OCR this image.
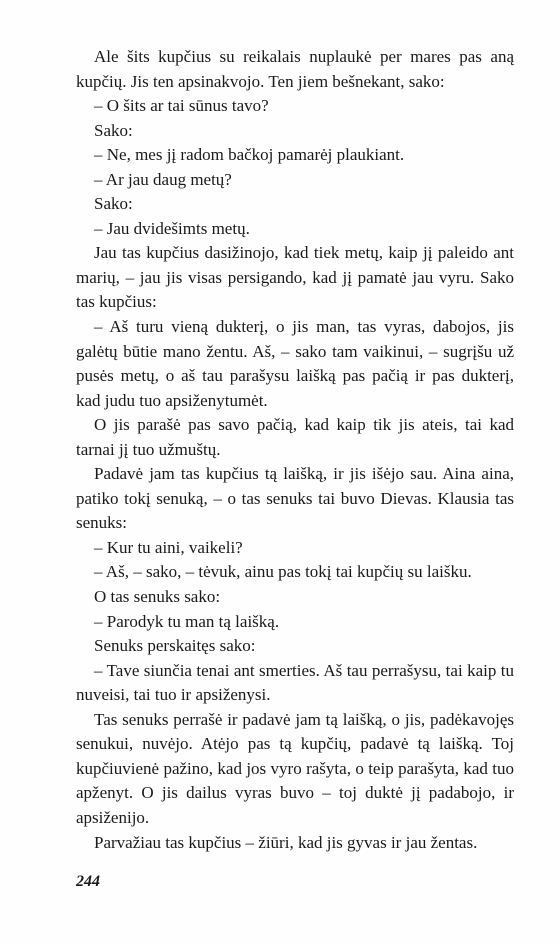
Ale šits kupčius su reikalais nuplaukė per mares pas aną kupčių. Jis ten apsinakvojo. Ten jiem bešnekant, sako:

– O šits ar tai sūnus tavo?

Sako:

– Ne, mes jį radom bačkoj pamarėj plaukiant.

– Ar jau daug metų?

Sako:

– Jau dvidešimts metų.

Jau tas kupčius dasižinojo, kad tiek metų, kaip jį paleido ant marių, – jau jis visas persigando, kad jį pamatė jau vyru. Sako tas kupčius:

– Aš turu vieną dukterį, o jis man, tas vyras, dabojos, jis galėtų būtie mano žentu. Aš, – sako tam vaikinui, – sugrįšu už pusės metų, o aš tau parašysu laišką pas pačią ir pas dukterį, kad judu tuo apsiženytumėt.

O jis parašė pas savo pačią, kad kaip tik jis ateis, tai kad tarnai jį tuo užmuštų.

Padavė jam tas kupčius tą laišką, ir jis išėjo sau. Aina aina, patiko tokį senuką, – o tas senuks tai buvo Dievas. Klausia tas senuks:

– Kur tu aini, vaikeli?

– Aš, – sako, – tėvuk, ainu pas tokį tai kupčių su laišku.

O tas senuks sako:

– Parodyk tu man tą laišką.

Senuks perskaitęs sako:

– Tave siunčia tenai ant smerties. Aš tau perrašysu, tai kaip tu nuveisi, tai tuo ir apsiženysi.

Tas senuks perrašė ir padavė jam tą laišką, o jis, padėkavojęs senukui, nuvėjo. Atėjo pas tą kupčių, padavė tą laišką. Toj kupčiuvienė pažino, kad jos vyro rašyta, o teip parašyta, kad tuo apženyt. O jis dailus vyras buvo – toj duktė jį padabojo, ir apsiženijo.

Parvažiau tas kupčius – žiūri, kad jis gyvas ir jau žentas.

244
